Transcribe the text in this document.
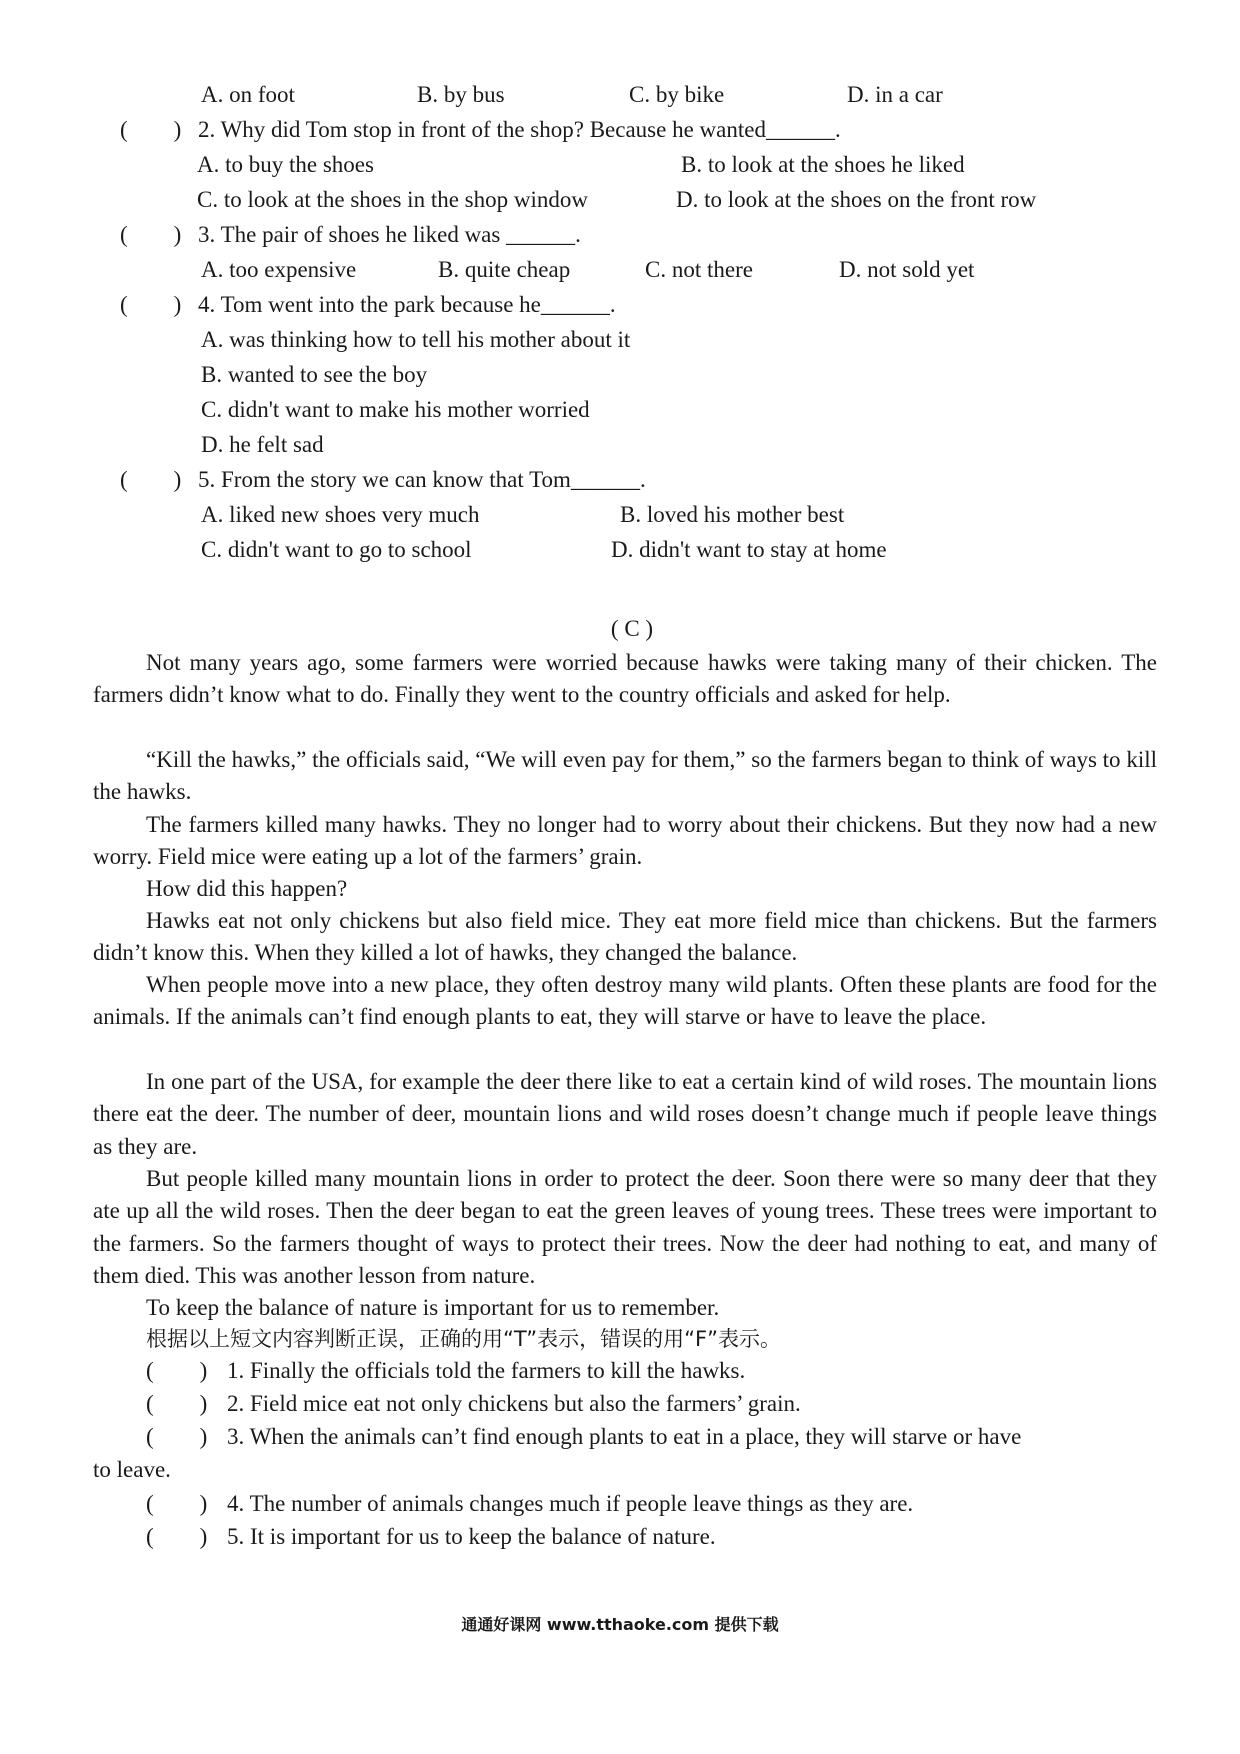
A. on foot	B. by bus	C. by bike	D. in a car
(        ) 2. Why did Tom stop in front of the shop? Because he wanted______.
A. to buy the shoes	B. to look at the shoes he liked
C. to look at the shoes in the shop window	D. to look at the shoes on the front row
(        ) 3. The pair of shoes he liked was ______.
A. too expensive	B. quite cheap	C. not there	D. not sold yet
(        ) 4. Tom went into the park because he______.
A. was thinking how to tell his mother about it
B. wanted to see the boy
C. didn't want to make his mother worried
D. he felt sad
(        ) 5. From the story we can know that Tom______.
A. liked new shoes very much	B. loved his mother best
C. didn't want to go to school	D. didn't want to stay at home
( C )
Not many years ago, some farmers were worried because hawks were taking many of their chicken. The farmers didn’t know what to do. Finally they went to the country officials and asked for help.
“Kill the hawks,” the officials said, “We will even pay for them,” so the farmers began to think of ways to kill the hawks.
The farmers killed many hawks. They no longer had to worry about their chickens. But they now had a new worry. Field mice were eating up a lot of the farmers’ grain.
How did this happen?
Hawks eat not only chickens but also field mice. They eat more field mice than chickens. But the farmers didn’t know this. When they killed a lot of hawks, they changed the balance.
When people move into a new place, they often destroy many wild plants. Often these plants are food for the animals. If the animals can’t find enough plants to eat, they will starve or have to leave the place.
In one part of the USA, for example the deer there like to eat a certain kind of wild roses. The mountain lions there eat the deer. The number of deer, mountain lions and wild roses doesn’t change much if people leave things as they are.
But people killed many mountain lions in order to protect the deer. Soon there were so many deer that they ate up all the wild roses. Then the deer began to eat the green leaves of young trees. These trees were important to the farmers. So the farmers thought of ways to protect their trees. Now the deer had nothing to eat, and many of them died. This was another lesson from nature.
To keep the balance of nature is important for us to remember.
根据以上短文内容判断正误，正确的用“T”表示，错误的用“F”表示。
(        ) 1. Finally the officials told the farmers to kill the hawks.
(        ) 2. Field mice eat not only chickens but also the farmers’ grain.
(        ) 3. When the animals can’t find enough plants to eat in a place, they will starve or have
to leave.
(        ) 4. The number of animals changes much if people leave things as they are.
(        ) 5. It is important for us to keep the balance of nature.
通通好课网 www.tthaoke.com 提供下载
